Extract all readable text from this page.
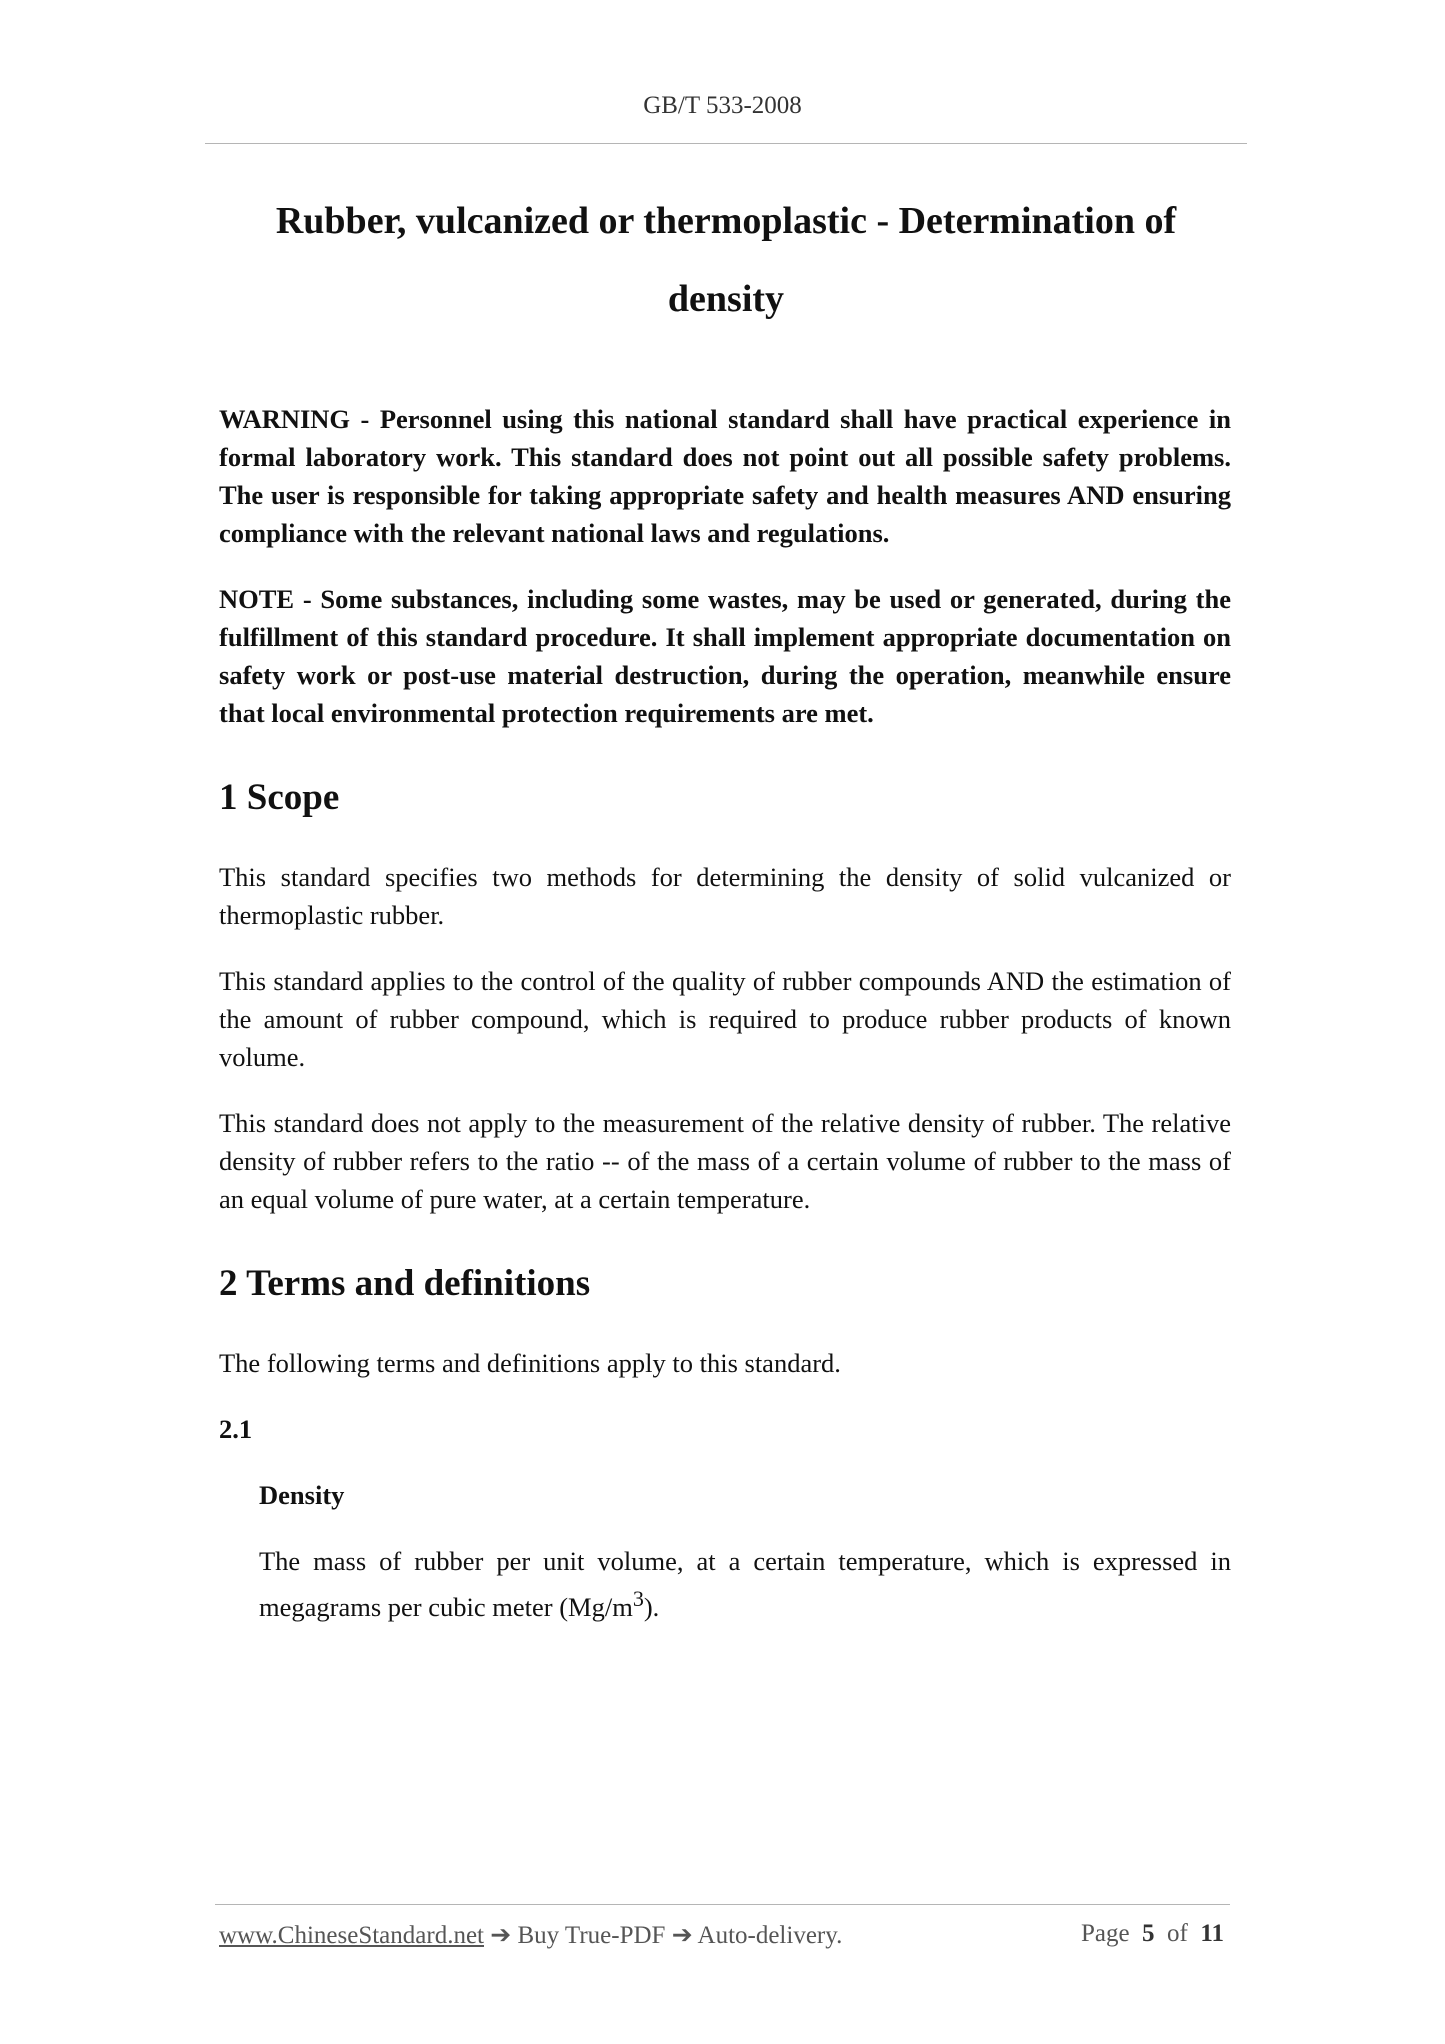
GB/T 533-2008
Rubber, vulcanized or thermoplastic - Determination of
density

WARNING - Personnel using this national standard shall have practical experience in formal laboratory work. This standard does not point out all possible safety problems. The user is responsible for taking appropriate safety and health measures AND ensuring compliance with the relevant national laws and regulations.

NOTE - Some substances, including some wastes, may be used or generated, during the fulfillment of this standard procedure. It shall implement appropriate documentation on safety work or post-use material destruction, during the operation, meanwhile ensure that local environmental protection requirements are met.

1 Scope

This standard specifies two methods for determining the density of solid vulcanized or thermoplastic rubber.

This standard applies to the control of the quality of rubber compounds AND the estimation of the amount of rubber compound, which is required to produce rubber products of known volume.

This standard does not apply to the measurement of the relative density of rubber. The relative density of rubber refers to the ratio -- of the mass of a certain volume of rubber to the mass of an equal volume of pure water, at a certain temperature.

2 Terms and definitions

The following terms and definitions apply to this standard.

2.1
Density

The mass of rubber per unit volume, at a certain temperature, which is expressed in megagrams per cubic meter $(Mg/m^3)$.

www.ChineseStandard.net ➔ Buy True-PDF ➔ Auto-delivery.	Page 5 of 11
